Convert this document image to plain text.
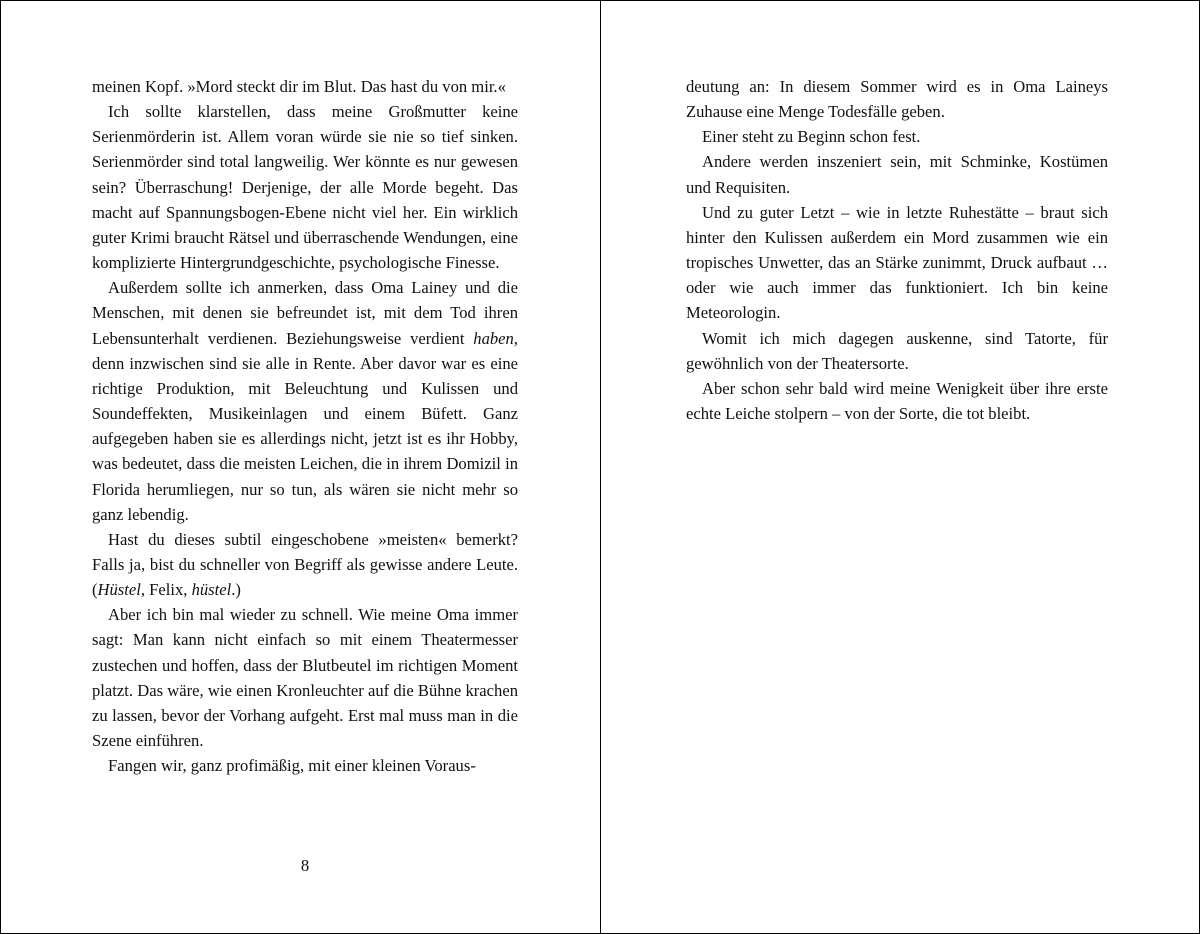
meinen Kopf. »Mord steckt dir im Blut. Das hast du von mir.«

Ich sollte klarstellen, dass meine Großmutter keine Serienmörderin ist. Allem voran würde sie nie so tief sinken. Serienmörder sind total langweilig. Wer könnte es nur gewesen sein? Überraschung! Derjenige, der alle Morde begeht. Das macht auf Spannungsbogen-Ebene nicht viel her. Ein wirklich guter Krimi braucht Rätsel und überraschende Wendungen, eine komplizierte Hintergrundgeschichte, psychologische Finesse.

Außerdem sollte ich anmerken, dass Oma Lainey und die Menschen, mit denen sie befreundet ist, mit dem Tod ihren Lebensunterhalt verdienen. Beziehungsweise verdient haben, denn inzwischen sind sie alle in Rente. Aber davor war es eine richtige Produktion, mit Beleuchtung und Kulissen und Soundeffekten, Musikeinlagen und einem Büfett. Ganz aufgegeben haben sie es allerdings nicht, jetzt ist es ihr Hobby, was bedeutet, dass die meisten Leichen, die in ihrem Domizil in Florida herumliegen, nur so tun, als wären sie nicht mehr so ganz lebendig.

Hast du dieses subtil eingeschobene »meisten« bemerkt? Falls ja, bist du schneller von Begriff als gewisse andere Leute. (Hüstel, Felix, hüstel.)

Aber ich bin mal wieder zu schnell. Wie meine Oma immer sagt: Man kann nicht einfach so mit einem Theatermesser zustechen und hoffen, dass der Blutbeutel im richtigen Moment platzt. Das wäre, wie einen Kronleuchter auf die Bühne krachen zu lassen, bevor der Vorhang aufgeht. Erst mal muss man in die Szene einführen.

Fangen wir, ganz profimäßig, mit einer kleinen Voraus-

8

deutung an: In diesem Sommer wird es in Oma Laineys Zuhause eine Menge Todesfälle geben.

Einer steht zu Beginn schon fest.

Andere werden inszeniert sein, mit Schminke, Kostümen und Requisiten.

Und zu guter Letzt – wie in letzte Ruhestätte – braut sich hinter den Kulissen außerdem ein Mord zusammen wie ein tropisches Unwetter, das an Stärke zunimmt, Druck aufbaut … oder wie auch immer das funktioniert. Ich bin keine Meteorologin.

Womit ich mich dagegen auskenne, sind Tatorte, für gewöhnlich von der Theatersorte.

Aber schon sehr bald wird meine Wenigkeit über ihre erste echte Leiche stolpern – von der Sorte, die tot bleibt.
